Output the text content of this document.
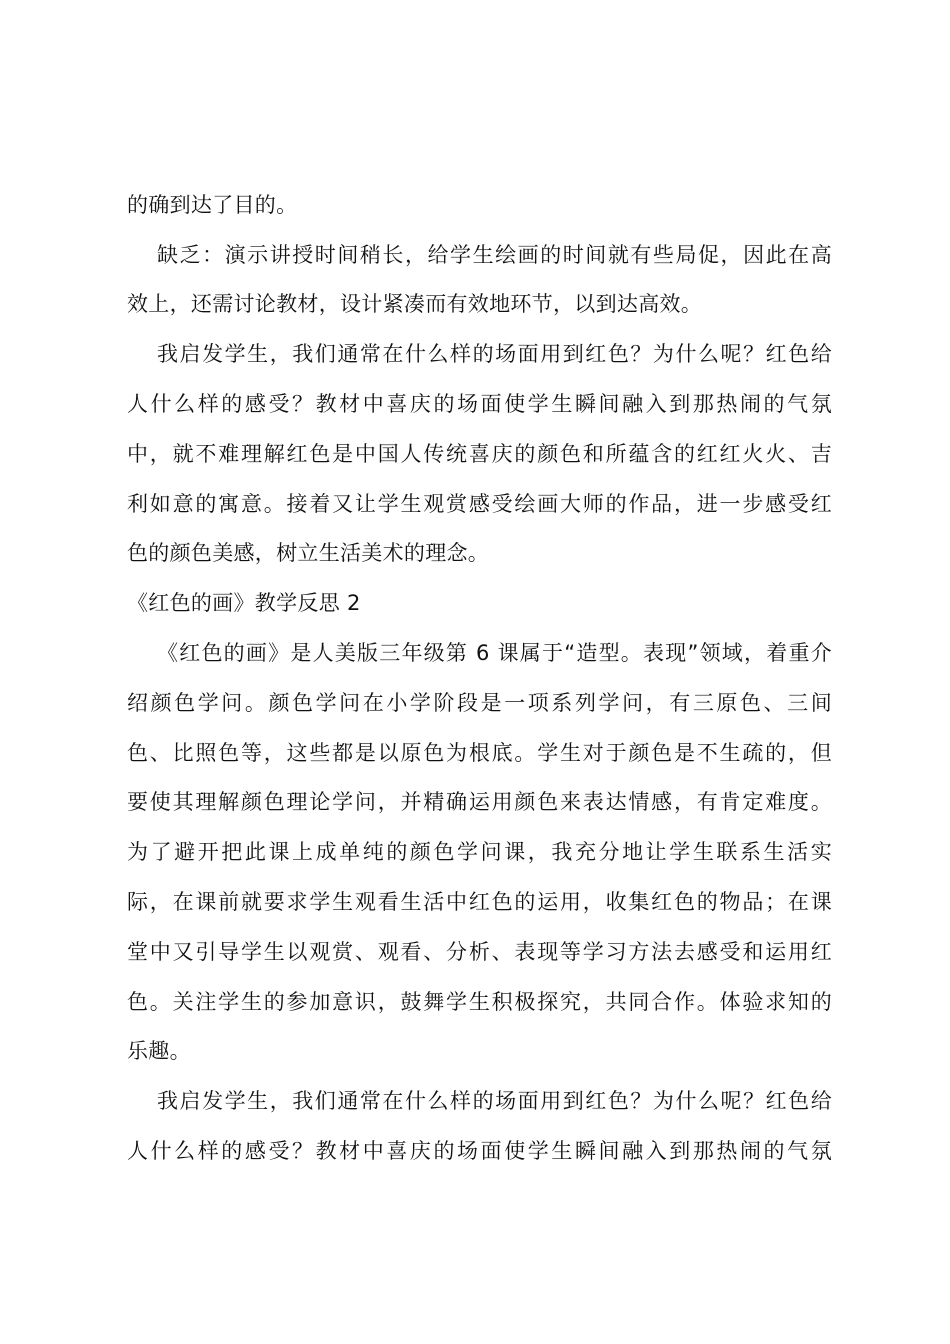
的确到达了目的。
缺乏：演示讲授时间稍长，给学生绘画的时间就有些局促，因此在高
效上，还需讨论教材，设计紧凑而有效地环节，以到达高效。
我启发学生，我们通常在什么样的场面用到红色？为什么呢？红色给
人什么样的感受？教材中喜庆的场面使学生瞬间融入到那热闹的气氛
中，就不难理解红色是中国人传统喜庆的颜色和所蕴含的红红火火、吉
利如意的寓意。接着又让学生观赏感受绘画大师的作品，进一步感受红
色的颜色美感，树立生活美术的理念。
《红色的画》教学反思 2
《红色的画》是人美版三年级第 6 课属于“造型。表现”领域，着重介
绍颜色学问。颜色学问在小学阶段是一项系列学问，有三原色、三间
色、比照色等，这些都是以原色为根底。学生对于颜色是不生疏的，但
要使其理解颜色理论学问，并精确运用颜色来表达情感，有肯定难度。
为了避开把此课上成单纯的颜色学问课，我充分地让学生联系生活实
际，在课前就要求学生观看生活中红色的运用，收集红色的物品；在课
堂中又引导学生以观赏、观看、分析、表现等学习方法去感受和运用红
色。关注学生的参加意识，鼓舞学生积极探究，共同合作。体验求知的
乐趣。
我启发学生，我们通常在什么样的场面用到红色？为什么呢？红色给
人什么样的感受？教材中喜庆的场面使学生瞬间融入到那热闹的气氛
